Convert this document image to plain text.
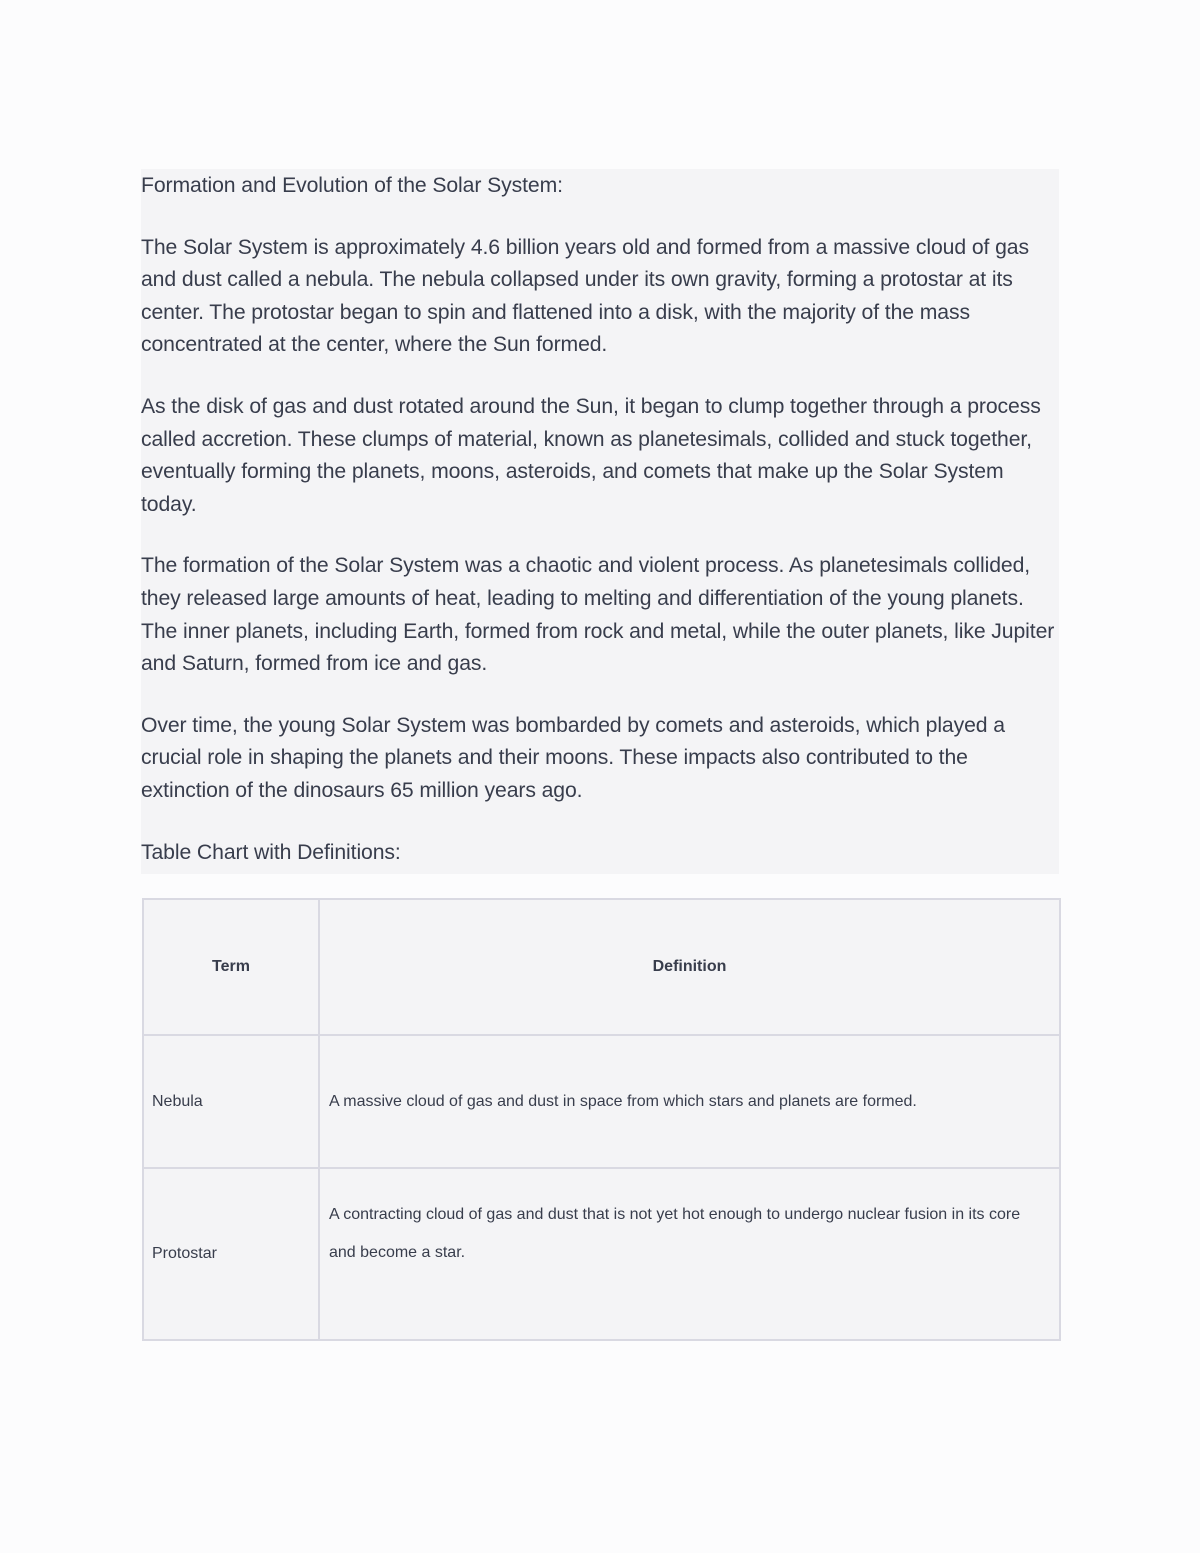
Formation and Evolution of the Solar System:

The Solar System is approximately 4.6 billion years old and formed from a massive cloud of gas and dust called a nebula. The nebula collapsed under its own gravity, forming a protostar at its center. The protostar began to spin and flattened into a disk, with the majority of the mass concentrated at the center, where the Sun formed.

As the disk of gas and dust rotated around the Sun, it began to clump together through a process called accretion. These clumps of material, known as planetesimals, collided and stuck together, eventually forming the planets, moons, asteroids, and comets that make up the Solar System today.

The formation of the Solar System was a chaotic and violent process. As planetesimals collided, they released large amounts of heat, leading to melting and differentiation of the young planets. The inner planets, including Earth, formed from rock and metal, while the outer planets, like Jupiter and Saturn, formed from ice and gas.

Over time, the young Solar System was bombarded by comets and asteroids, which played a crucial role in shaping the planets and their moons. These impacts also contributed to the extinction of the dinosaurs 65 million years ago.

Table Chart with Definitions:

Term	Definition
Nebula	A massive cloud of gas and dust in space from which stars and planets are formed.
Protostar	A contracting cloud of gas and dust that is not yet hot enough to undergo nuclear fusion in its core and become a star.
